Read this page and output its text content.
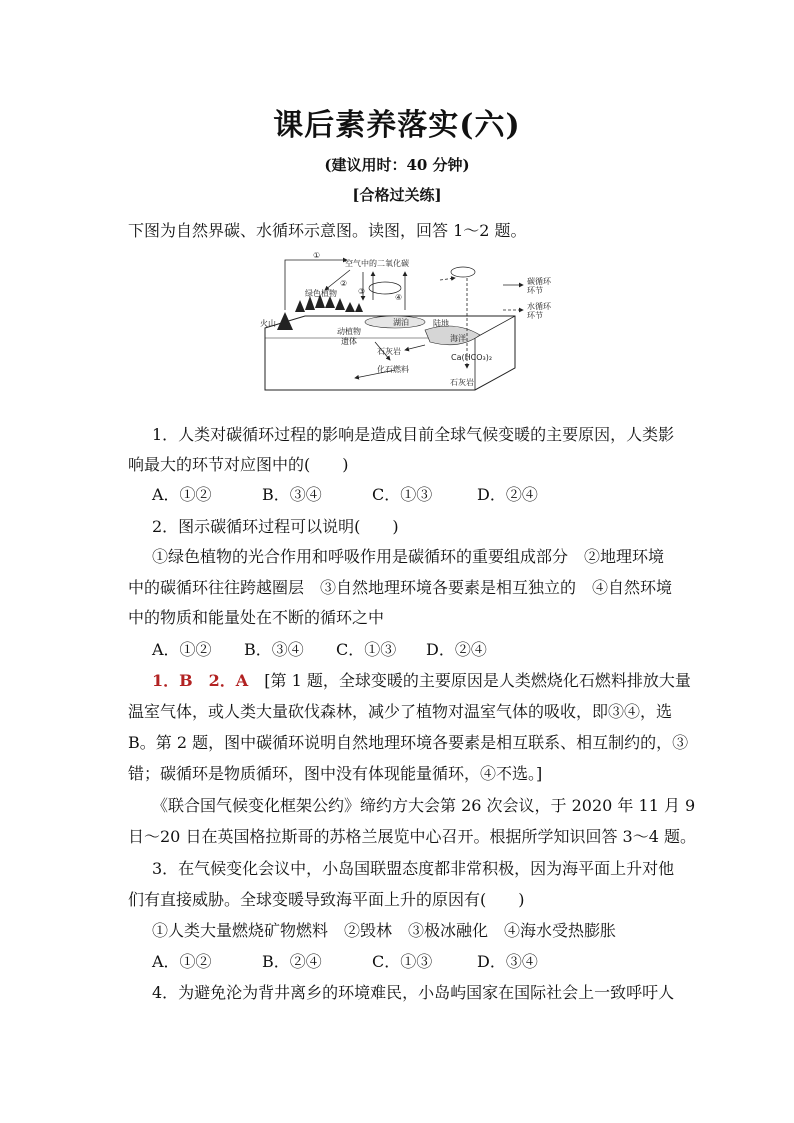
课后素养落实(六)
(建议用时：40 分钟)
[合格过关练]
下图为自然界碳、水循环示意图。读图，回答 1～2 题。
①
②
③
④
空气中的二氧化碳
绿色植物
火山
动植物
遗体
湖泊	陆地
海洋
石灰岩
Ca(HCO₃)₂
化石燃料
石灰岩
碳循环
环节
水循环
环节
1．人类对碳循环过程的影响是造成目前全球气候变暖的主要原因，人类影
响最大的环节对应图中的(　　)
A．①②	B．③④	C．①③	D．②④
2．图示碳循环过程可以说明(　　)
①绿色植物的光合作用和呼吸作用是碳循环的重要组成部分　②地理环境
中的碳循环往往跨越圈层　③自然地理环境各要素是相互独立的　④自然环境
中的物质和能量处在不断的循环之中
A．①② B．③④ C．①③ D．②④
1．B　2．A　 [第 1 题，全球变暖的主要原因是人类燃烧化石燃料排放大量
温室气体，或人类大量砍伐森林，减少了植物对温室气体的吸收，即③④，选
B。第 2 题，图中碳循环说明自然地理环境各要素是相互联系、相互制约的，③
错；碳循环是物质循环，图中没有体现能量循环，④不选。]
《联合国气候变化框架公约》缔约方大会第 26 次会议，于 2020 年 11 月 9
日～20 日在英国格拉斯哥的苏格兰展览中心召开。根据所学知识回答 3～4 题。
3．在气候变化会议中，小岛国联盟态度都非常积极，因为海平面上升对他
们有直接威胁。全球变暖导致海平面上升的原因有(　　)
①人类大量燃烧矿物燃料　②毁林　③极冰融化　④海水受热膨胀
A．①②	B．②④	C．①③	D．③④
4．为避免沦为背井离乡的环境难民，小岛屿国家在国际社会上一致呼吁人
